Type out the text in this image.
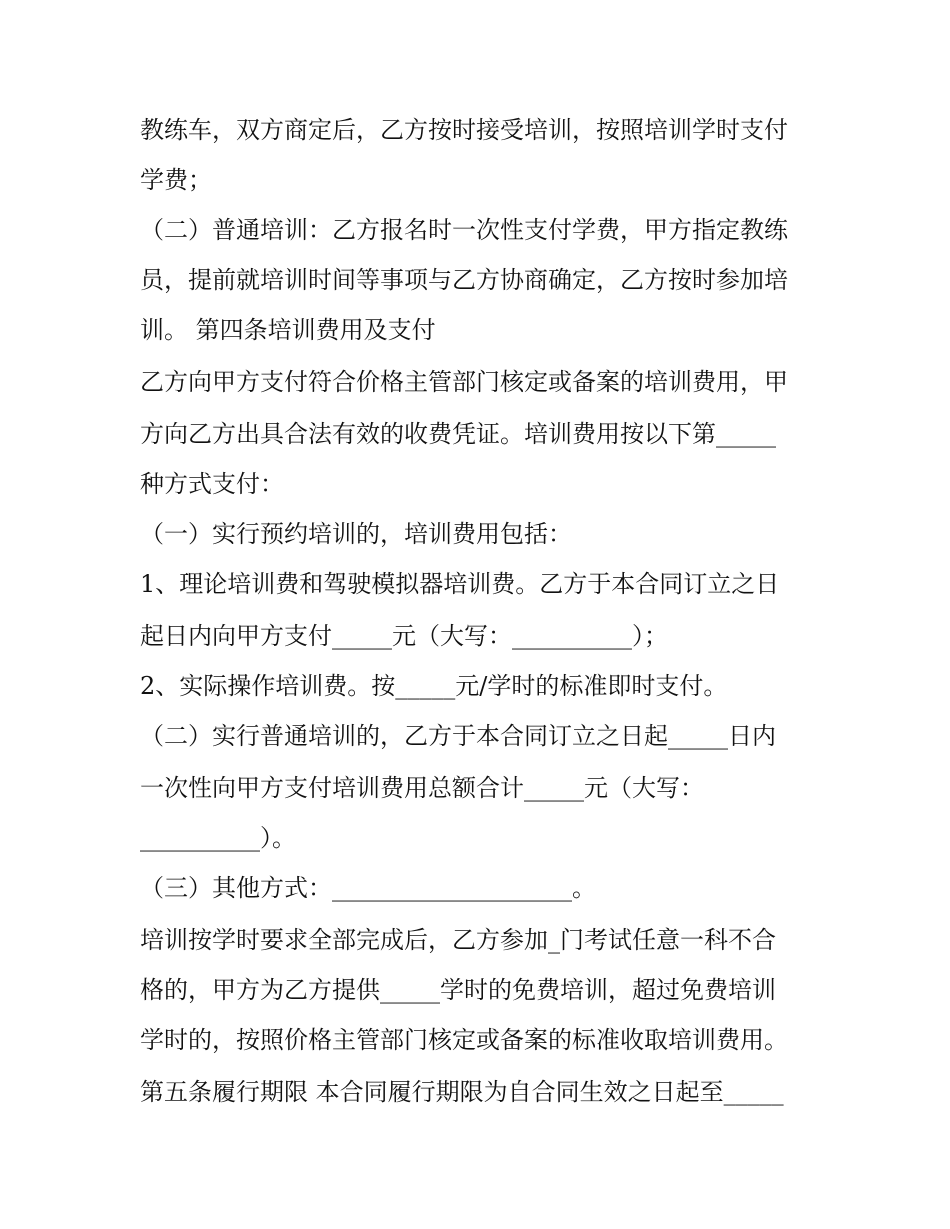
教练车，双方商定后，乙方按时接受培训，按照培训学时支付
学费；
（二）普通培训：乙方报名时一次性支付学费，甲方指定教练
员，提前就培训时间等事项与乙方协商确定，乙方按时参加培
训。 第四条培训费用及支付
乙方向甲方支付符合价格主管部门核定或备案的培训费用，甲
方向乙方出具合法有效的收费凭证。培训费用按以下第_____
种方式支付：
（一）实行预约培训的，培训费用包括：
1、理论培训费和驾驶模拟器培训费。乙方于本合同订立之日
起日内向甲方支付_____元（大写：__________）；
2、实际操作培训费。按_____元/学时的标准即时支付。
（二）实行普通培训的，乙方于本合同订立之日起_____日内
一次性向甲方支付培训费用总额合计_____元（大写：
__________）。
（三）其他方式：____________________。
培训按学时要求全部完成后，乙方参加_门考试任意一科不合
格的，甲方为乙方提供_____学时的免费培训，超过免费培训
学时的，按照价格主管部门核定或备案的标准收取培训费用。
第五条履行期限 本合同履行期限为自合同生效之日起至_____
